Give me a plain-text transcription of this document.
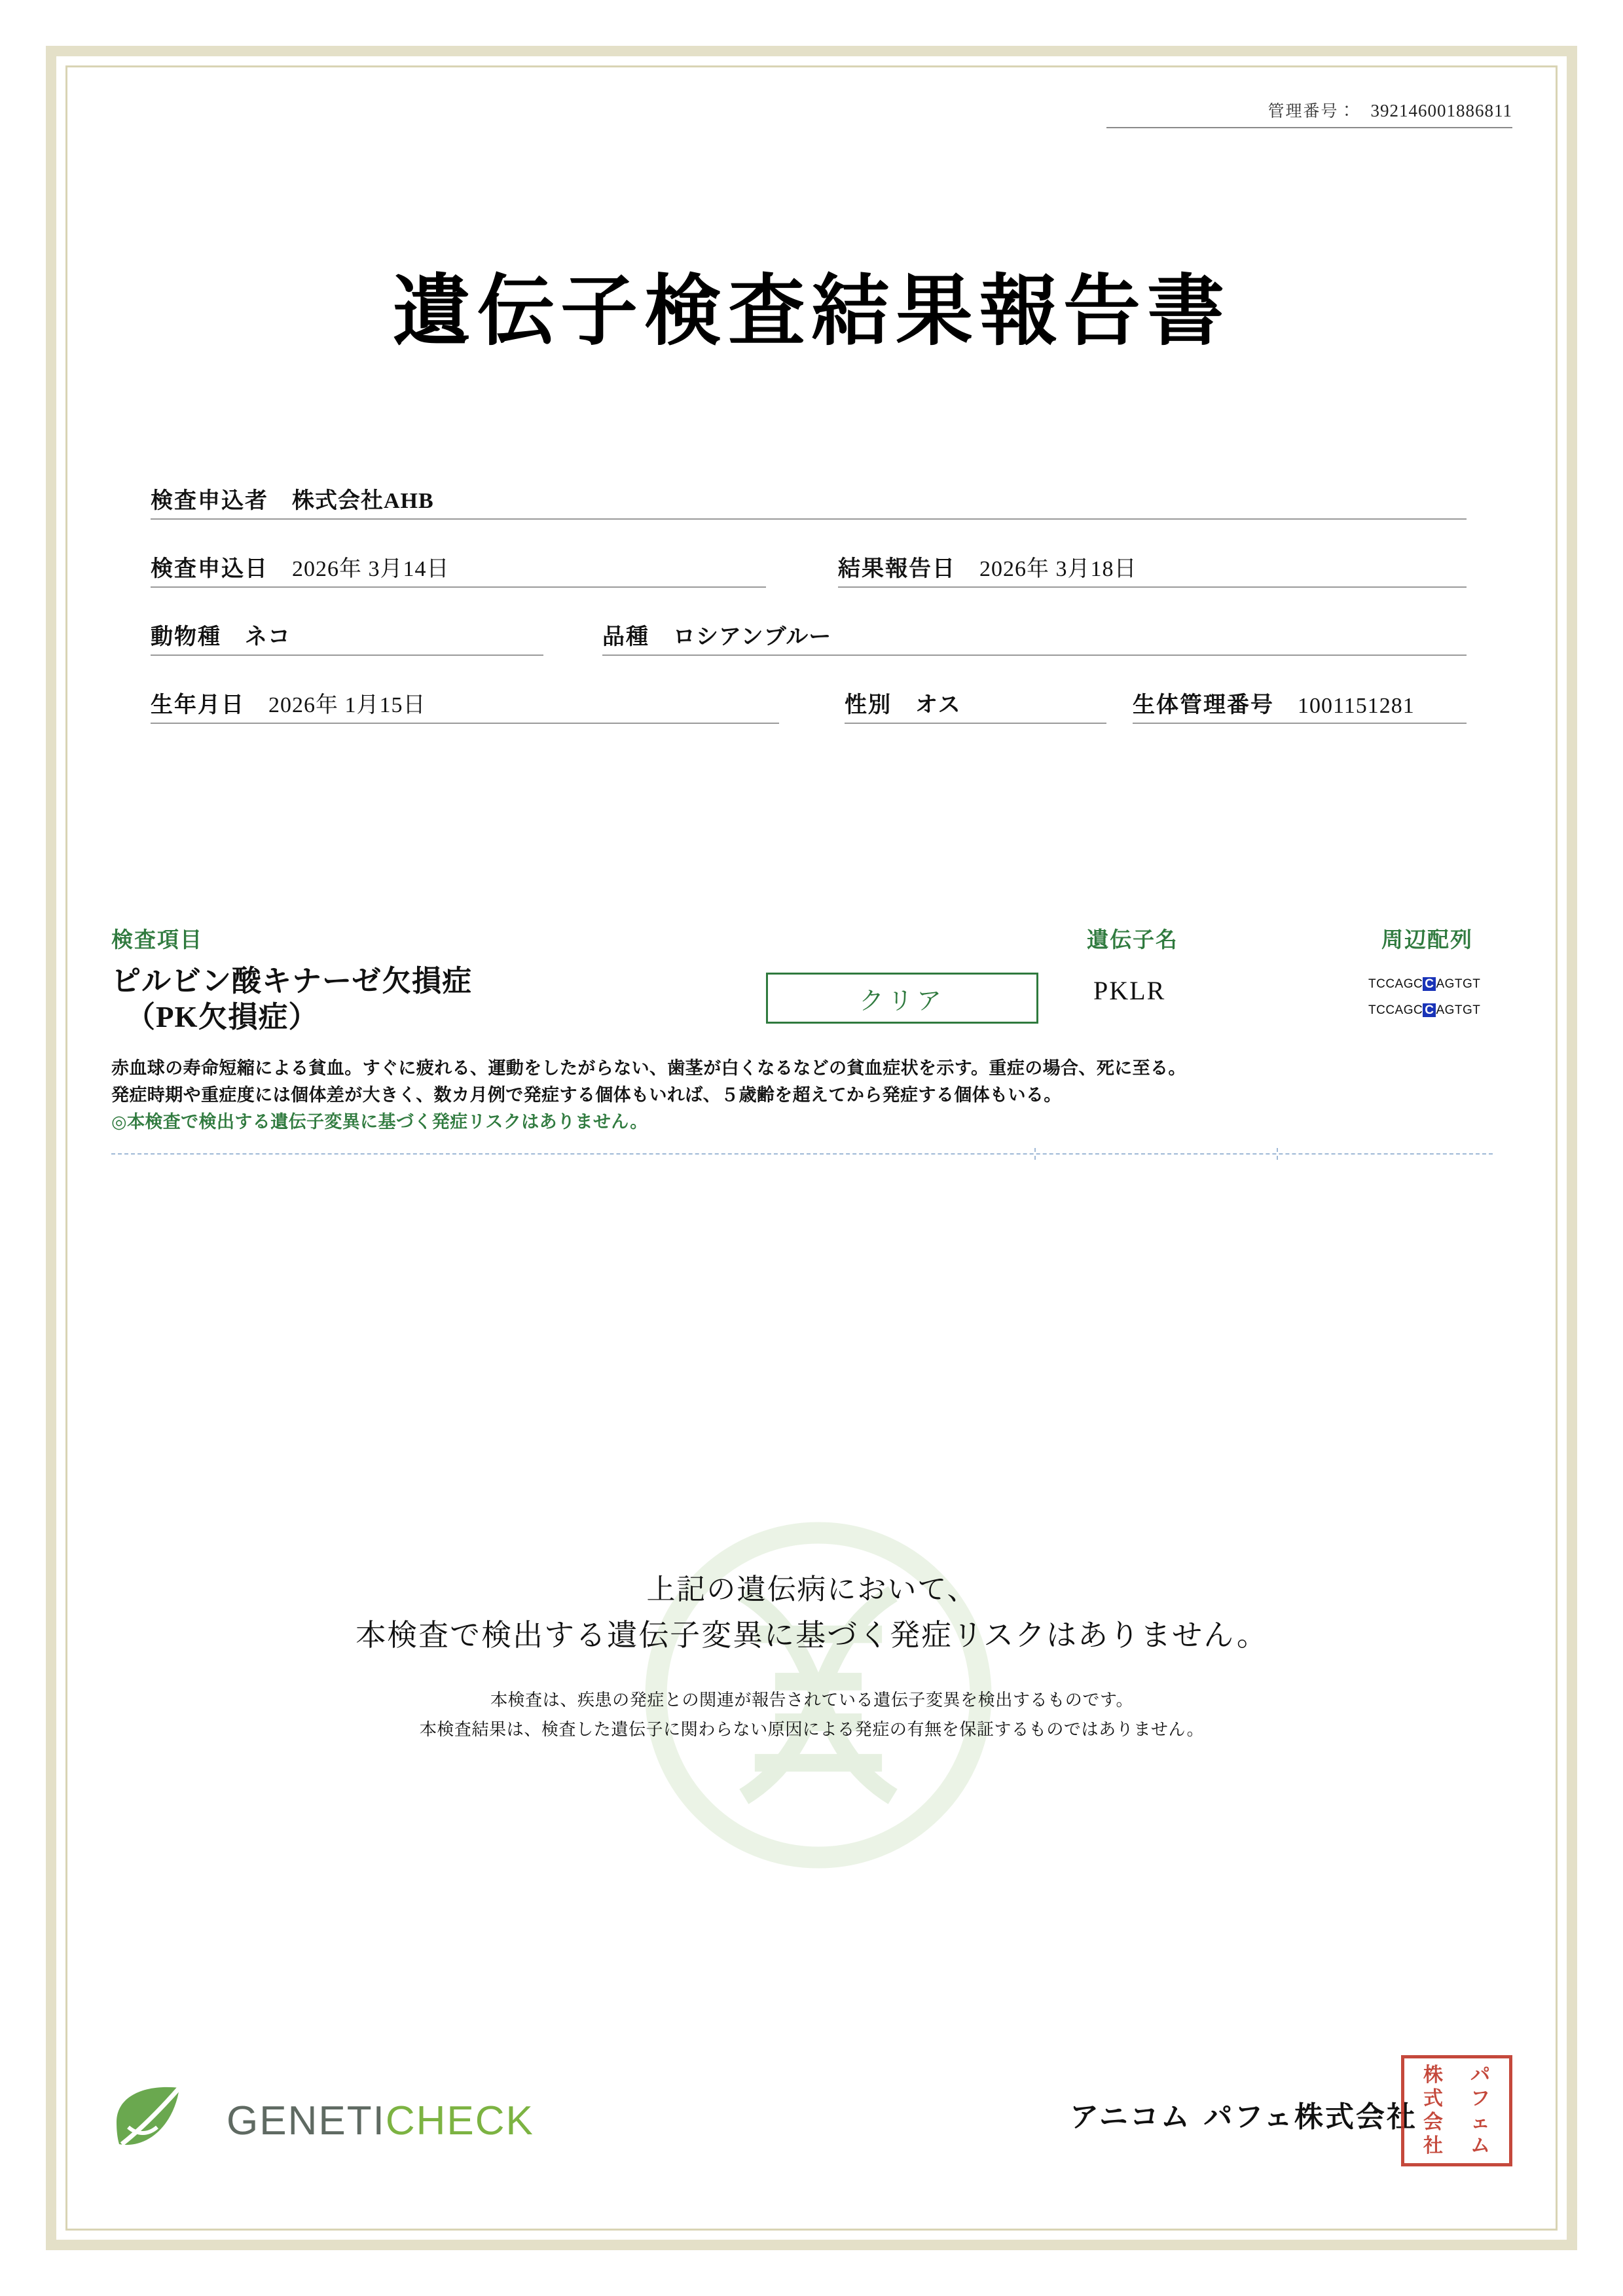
管理番号： 392146001886811
遺伝子検査結果報告書
検査申込者 株式会社AHB
検査申込日 2026年 3月14日	結果報告日 2026年 3月18日
動物種 ネコ	品種 ロシアンブルー
生年月日 2026年 1月15日	性別 オス	生体管理番号 1001151281
検査項目	遺伝子名	周辺配列
ピルビン酸キナーゼ欠損症
（PK欠損症）	クリア	PKLR	TCCAGC C AGTGT
TCCAGC C AGTGT
赤血球の寿命短縮による貧血。すぐに疲れる、運動をしたがらない、歯茎が白くなるなどの貧血症状を示す。重症の場合、死に至る。
発症時期や重症度には個体差が大きく、数カ月例で発症する個体もいれば、５歳齢を超えてから発症する個体もいる。
◎本検査で検出する遺伝子変異に基づく発症リスクはありません。
上記の遺伝病において、
本検査で検出する遺伝子変異に基づく発症リスクはありません。
本検査は、疾患の発症との関連が報告されている遺伝子変異を検出するものです。
本検査結果は、検査した遺伝子に関わらない原因による発症の有無を保証するものではありません。
GENETICHECK	アニコム パフェ株式会社
株
式
会
社
パ
フ
ェ
ム
